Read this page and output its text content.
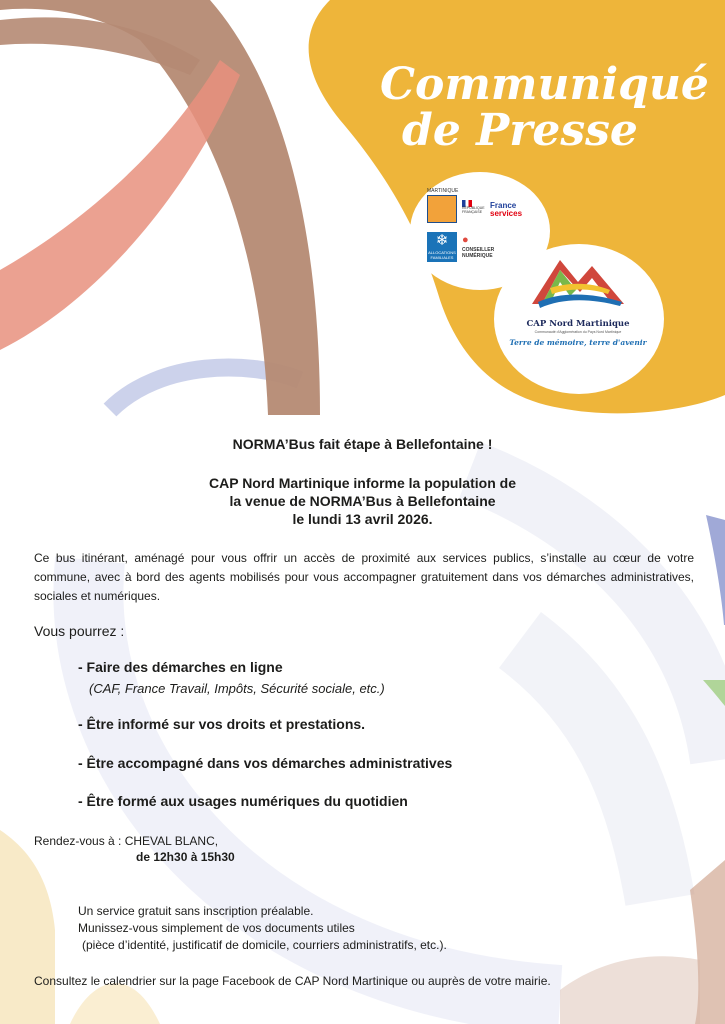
Communiqué
de Presse
MARTINIQUE
RÉPUBLIQUE FRANÇAISE
France
services
❄
ALLOCATIONS FAMILIALES
●
CONSEILLER
NUMÉRIQUE
CAP Nord Martinique
Communauté d'Agglomération du Pays Nord Martinique
Terre de mémoire, terre d'avenir
NORMA’Bus fait étape à Bellefontaine !
CAP Nord Martinique informe la population de
la venue de NORMA’Bus à Bellefontaine
le lundi 13 avril 2026.
Ce bus itinérant, aménagé pour vous offrir un accès de proximité aux services publics, s’installe au cœur de votre commune, avec à bord des agents mobilisés pour vous accompagner gratuitement dans vos démarches administratives, sociales et numériques.
Vous pourrez :
- Faire des démarches en ligne
(CAF, France Travail, Impôts, Sécurité sociale, etc.)
- Être informé sur vos droits et prestations.
- Être accompagné dans vos démarches administratives
- Être formé aux usages numériques du quotidien
Rendez-vous à : CHEVAL BLANC,
de 12h30 à 15h30
Un service gratuit sans inscription préalable.
Munissez-vous simplement de vos documents utiles
(pièce d’identité, justificatif de domicile, courriers administratifs, etc.).
Consultez le calendrier sur la page Facebook de CAP Nord Martinique ou auprès de votre mairie.
